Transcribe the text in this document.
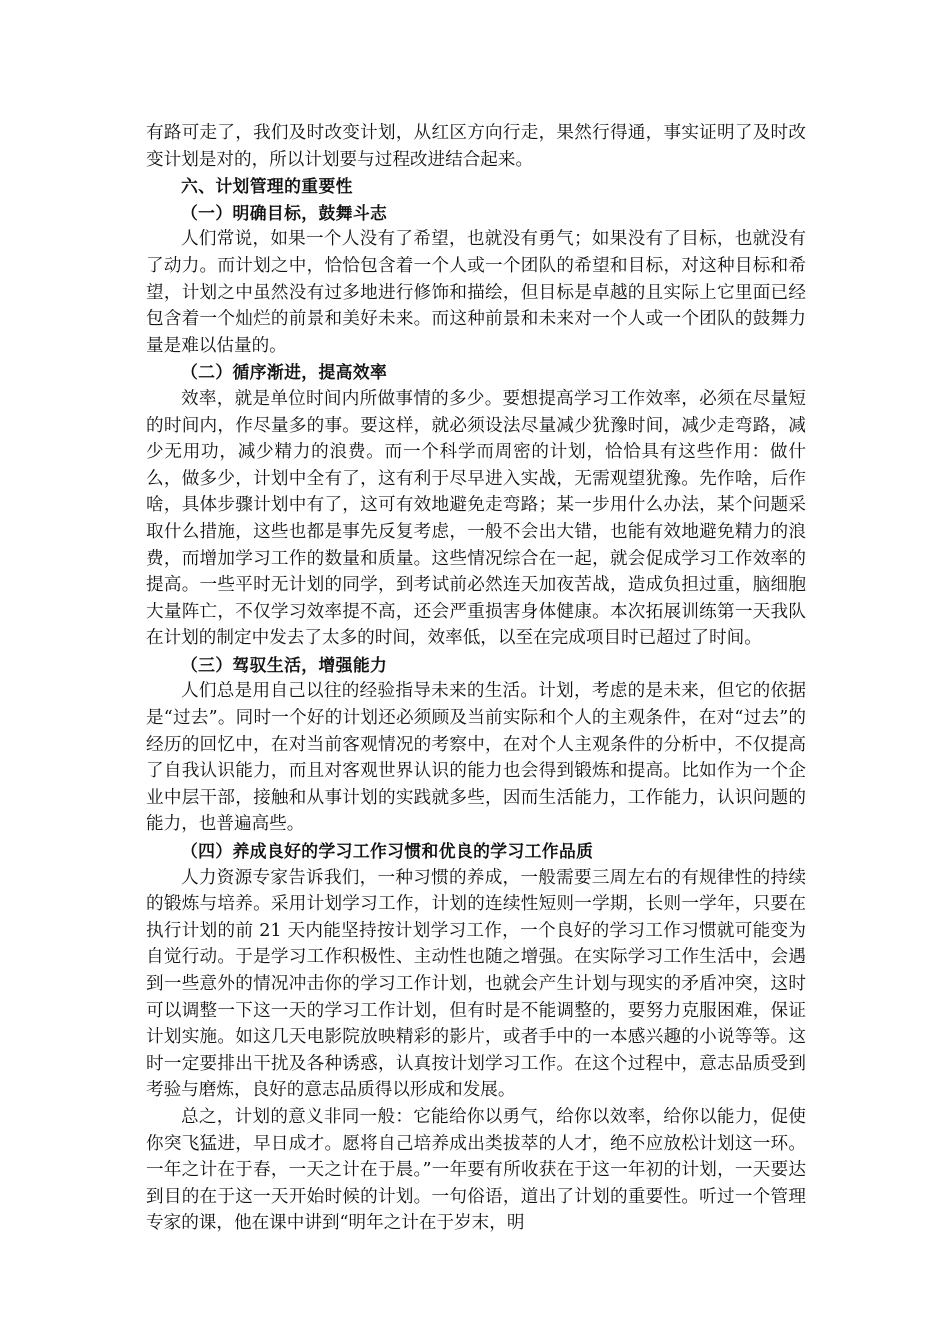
有路可走了，我们及时改变计划，从红区方向行走，果然行得通，事实证明了及时改变计划是对的，所以计划要与过程改进结合起来。

六、计划管理的重要性

（一）明确目标，鼓舞斗志

人们常说，如果一个人没有了希望，也就没有勇气；如果没有了目标，也就没有了动力。而计划之中，恰恰包含着一个人或一个团队的希望和目标，对这种目标和希望，计划之中虽然没有过多地进行修饰和描绘，但目标是卓越的且实际上它里面已经包含着一个灿烂的前景和美好未来。而这种前景和未来对一个人或一个团队的鼓舞力量是难以估量的。

（二）循序渐进，提高效率

效率，就是单位时间内所做事情的多少。要想提高学习工作效率，必须在尽量短的时间内，作尽量多的事。要这样，就必须设法尽量减少犹豫时间，减少走弯路，减少无用功，减少精力的浪费。而一个科学而周密的计划，恰恰具有这些作用：做什么，做多少，计划中全有了，这有利于尽早进入实战，无需观望犹豫。先作啥，后作啥，具体步骤计划中有了，这可有效地避免走弯路；某一步用什么办法，某个问题采取什么措施，这些也都是事先反复考虑，一般不会出大错，也能有效地避免精力的浪费，而增加学习工作的数量和质量。这些情况综合在一起，就会促成学习工作效率的提高。一些平时无计划的同学，到考试前必然连天加夜苦战，造成负担过重，脑细胞大量阵亡，不仅学习效率提不高，还会严重损害身体健康。本次拓展训练第一天我队在计划的制定中发去了太多的时间，效率低，以至在完成项目时已超过了时间。

（三）驾驭生活，增强能力

人们总是用自己以往的经验指导未来的生活。计划，考虑的是未来，但它的依据是“过去”。同时一个好的计划还必须顾及当前实际和个人的主观条件，在对“过去”的经历的回忆中，在对当前客观情况的考察中，在对个人主观条件的分析中，不仅提高了自我认识能力，而且对客观世界认识的能力也会得到锻炼和提高。比如作为一个企业中层干部，接触和从事计划的实践就多些，因而生活能力，工作能力，认识问题的能力，也普遍高些。

（四）养成良好的学习工作习惯和优良的学习工作品质

人力资源专家告诉我们，一种习惯的养成，一般需要三周左右的有规律性的持续的锻炼与培养。采用计划学习工作，计划的连续性短则一学期，长则一学年，只要在执行计划的前 21 天内能坚持按计划学习工作，一个良好的学习工作习惯就可能变为自觉行动。于是学习工作积极性、主动性也随之增强。在实际学习工作生活中，会遇到一些意外的情况冲击你的学习工作计划，也就会产生计划与现实的矛盾冲突，这时可以调整一下这一天的学习工作计划，但有时是不能调整的，要努力克服困难，保证计划实施。如这几天电影院放映精彩的影片，或者手中的一本感兴趣的小说等等。这时一定要排出干扰及各种诱惑，认真按计划学习工作。在这个过程中，意志品质受到考验与磨炼，良好的意志品质得以形成和发展。

总之，计划的意义非同一般：它能给你以勇气，给你以效率，给你以能力，促使你突飞猛进，早日成才。愿将自己培养成出类拔萃的人才，绝不应放松计划这一环。一年之计在于春，一天之计在于晨。”一年要有所收获在于这一年初的计划，一天要达到目的在于这一天开始时候的计划。一句俗语，道出了计划的重要性。听过一个管理专家的课，他在课中讲到“明年之计在于岁末，明
